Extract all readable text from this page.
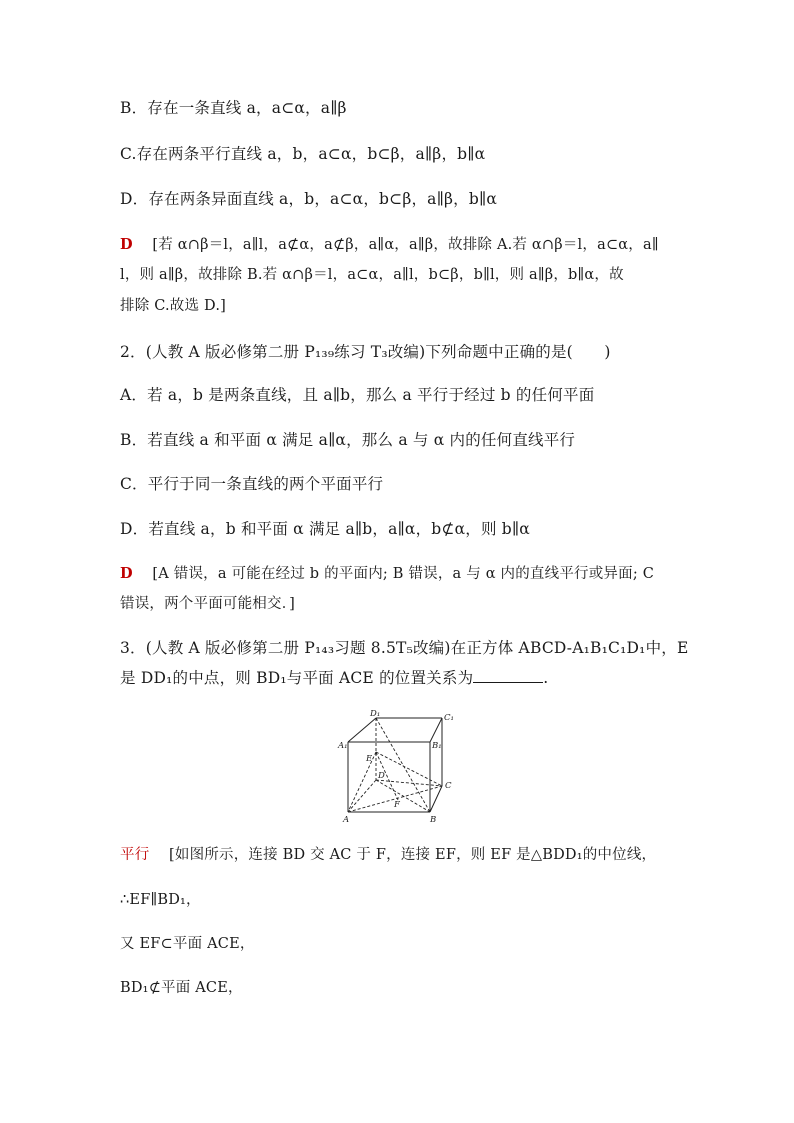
B．存在一条直线 a，a⊂α，a∥β
C.存在两条平行直线 a，b，a⊂α，b⊂β，a∥β，b∥α
D．存在两条异面直线 a，b，a⊂α，b⊂β，a∥β，b∥α
D [若 α∩β＝l，a∥l，a⊄α，a⊄β，a∥α，a∥β，故排除 A.若 α∩β＝l，a⊂α，a∥
l，则 a∥β，故排除 B.若 α∩β＝l，a⊂α，a∥l，b⊂β，b∥l，则 a∥β，b∥α，故
排除 C.故选 D.]
2．(人教 A 版必修第二册 P₁₃₉练习 T₃改编)下列命题中正确的是(　　)
A．若 a，b 是两条直线，且 a∥b，那么 a 平行于经过 b 的任何平面
B．若直线 a 和平面 α 满足 a∥α，那么 a 与 α 内的任何直线平行
C．平行于同一条直线的两个平面平行
D．若直线 a，b 和平面 α 满足 a∥b，a∥α，b⊄α，则 b∥α
D [A 错误，a 可能在经过 b 的平面内; B 错误，a 与 α 内的直线平行或异面; C
错误，两个平面可能相交．]
3．(人教 A 版必修第二册 P₁₄₃习题 8.5T₅改编)在正方体 ABCD-A₁B₁C₁D₁中，E
是 DD₁的中点，则 BD₁与平面 ACE 的位置关系为	.
D₁	C₁
A₁	B₁
E
D
C
F
A	B
平行 [如图所示，连接 BD 交 AC 于 F，连接 EF，则 EF 是△BDD₁的中位线，
∴EF∥BD₁，
又 EF⊂平面 ACE，
BD₁⊄平面 ACE，
